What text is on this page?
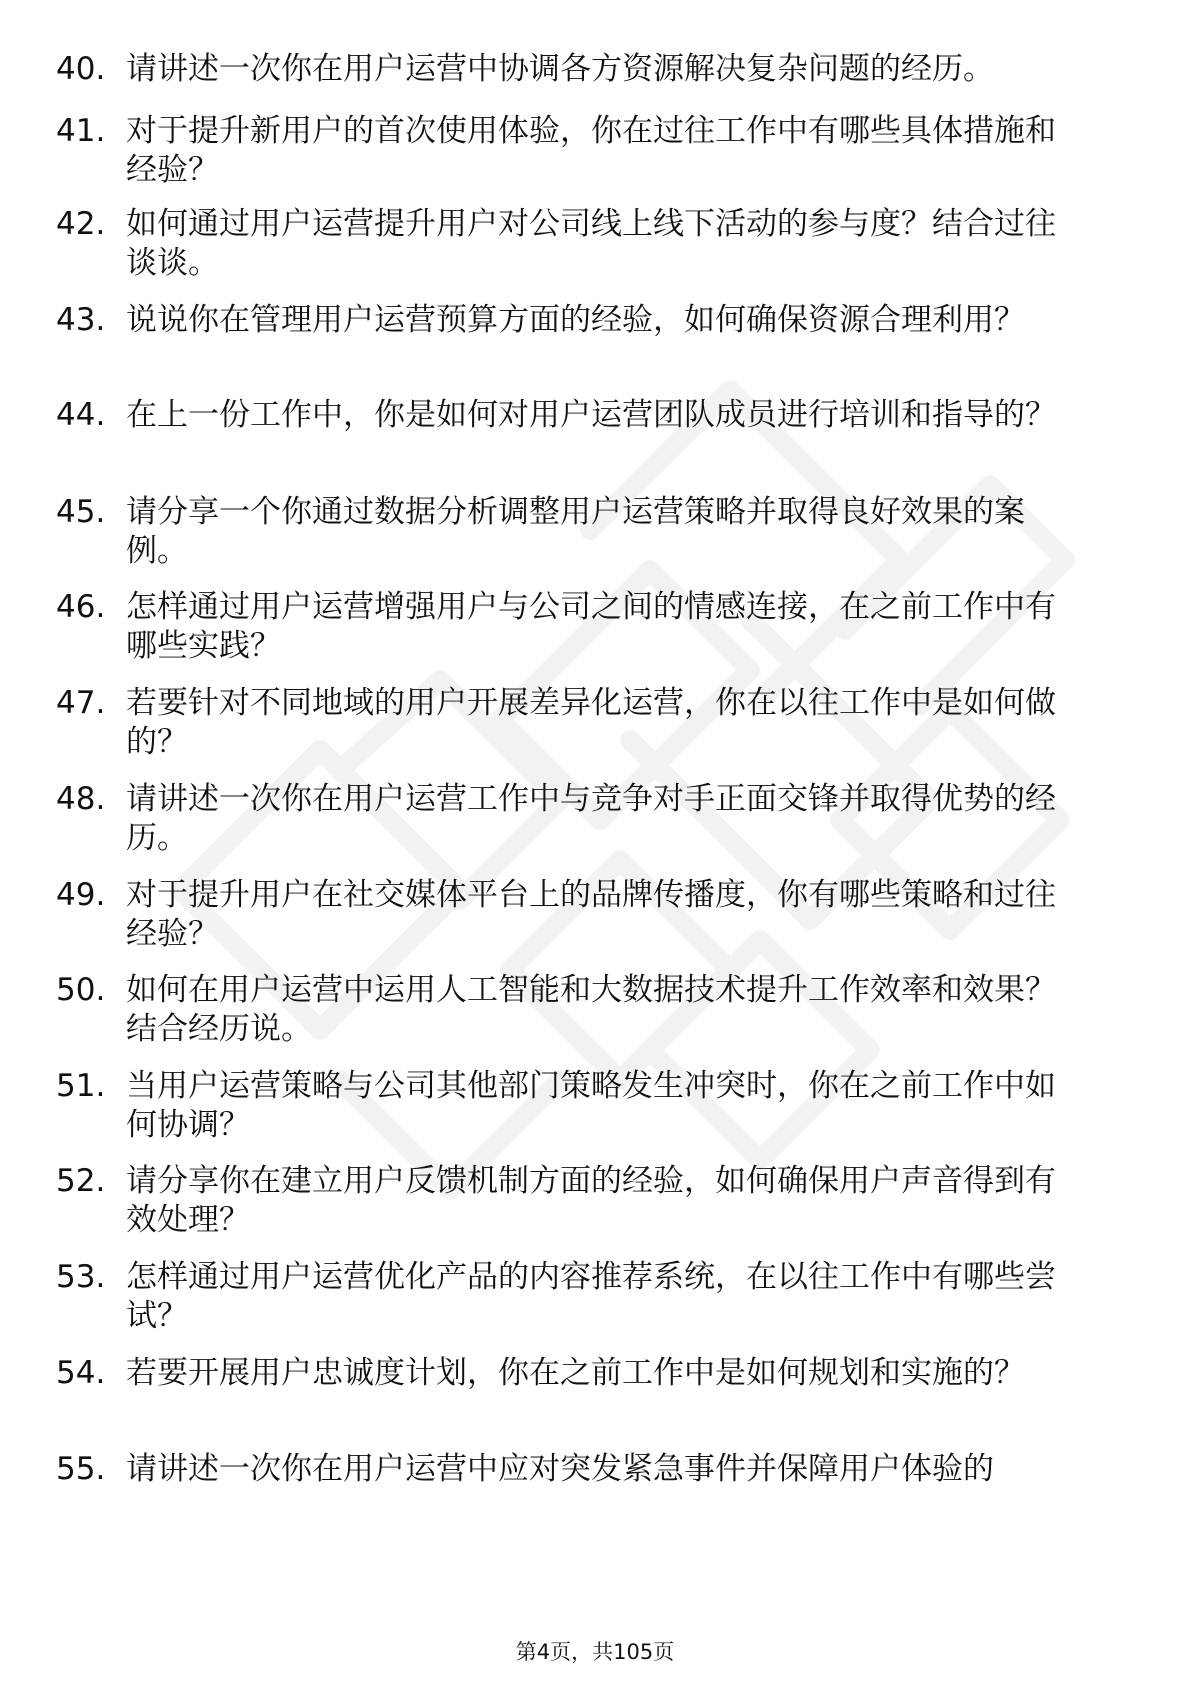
40. 请讲述一次你在用户运营中协调各方资源解决复杂问题的经历。
41. 对于提升新用户的首次使用体验，你在过往工作中有哪些具体措施和经验？
42. 如何通过用户运营提升用户对公司线上线下活动的参与度？结合过往谈谈。
43. 说说你在管理用户运营预算方面的经验，如何确保资源合理利用？
44. 在上一份工作中，你是如何对用户运营团队成员进行培训和指导的？
45. 请分享一个你通过数据分析调整用户运营策略并取得良好效果的案例。
46. 怎样通过用户运营增强用户与公司之间的情感连接，在之前工作中有哪些实践？
47. 若要针对不同地域的用户开展差异化运营，你在以往工作中是如何做的？
48. 请讲述一次你在用户运营工作中与竞争对手正面交锋并取得优势的经历。
49. 对于提升用户在社交媒体平台上的品牌传播度，你有哪些策略和过往经验？
50. 如何在用户运营中运用人工智能和大数据技术提升工作效率和效果？结合经历说。
51. 当用户运营策略与公司其他部门策略发生冲突时，你在之前工作中如何协调？
52. 请分享你在建立用户反馈机制方面的经验，如何确保用户声音得到有效处理？
53. 怎样通过用户运营优化产品的内容推荐系统，在以往工作中有哪些尝试？
54. 若要开展用户忠诚度计划，你在之前工作中是如何规划和实施的？
55. 请讲述一次你在用户运营中应对突发紧急事件并保障用户体验的
第4页，共105页
